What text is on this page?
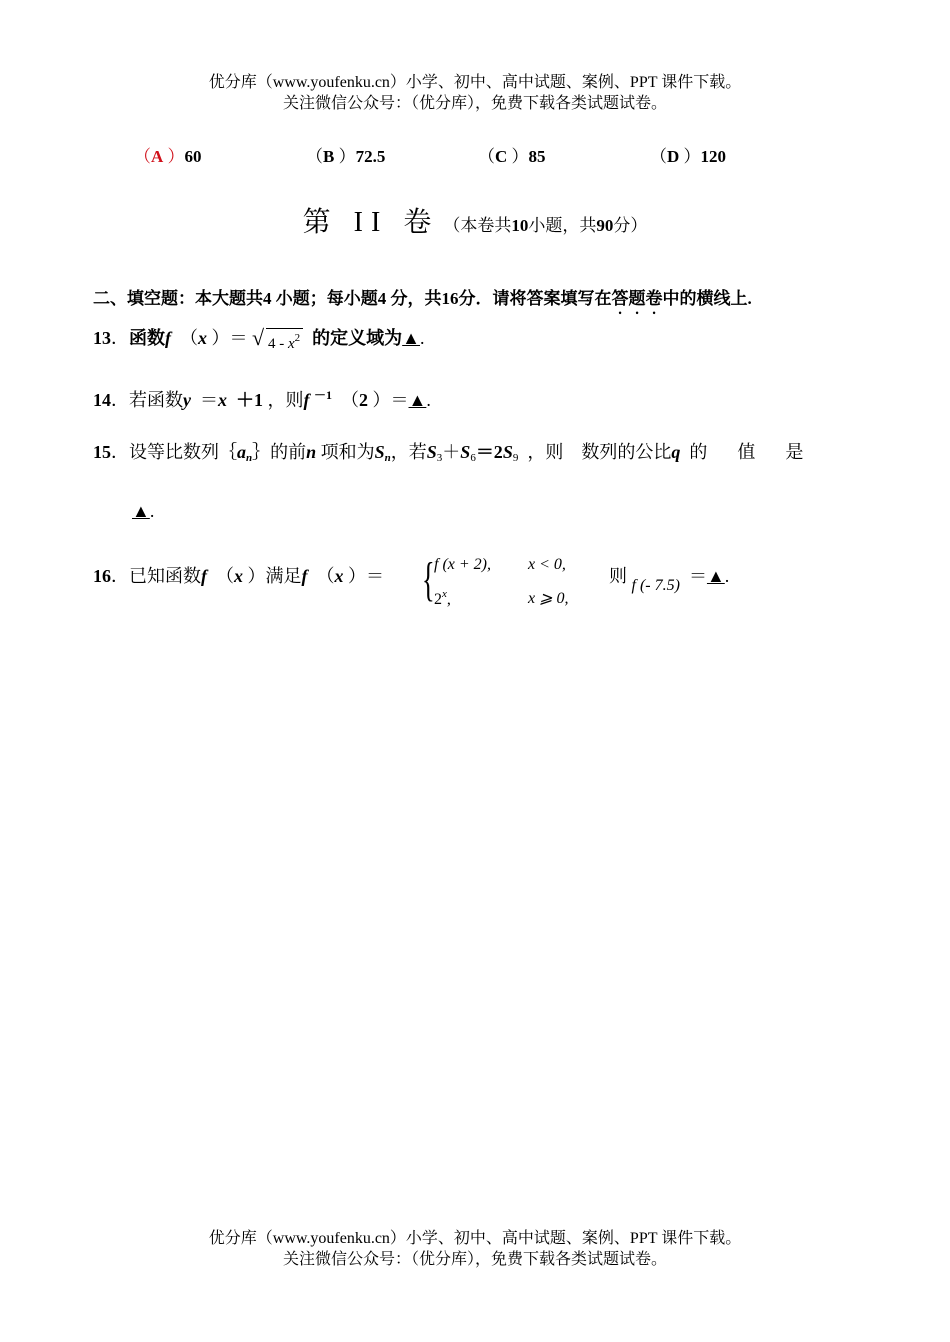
优分库（www.youfenku.cn）小学、初中、高中试题、案例、PPT 课件下载。
关注微信公众号：（优分库），免费下载各类试题试卷。
（A ）60	（B ）72.5	（C ）85	（D ）120
第 II 卷 （本卷共10小题，共90分）
二、填空题：本大题共4 小题；每小题4 分，共16分．请将答案填写在答题卷中的横线上.
13．函数f  （x ）＝ √ $4 - x^2$ 的定义域为▲.
14．若函数y ＝x ＋1 ，则f $^{-1}$  （2 ）＝▲.
15．设等比数列$\{a_n\}$的前n 项和为$S_n$，若$S_3+S_6=2S_9$ ，则　数列的公比q 的　值　是
▲.
16．已知函数f  （x ）满足f  （x ）＝ { f (x + 2), x < 0,
2$^x$,	x ⩾ 0,
则 f (- 7.5) ＝▲.
优分库（www.youfenku.cn）小学、初中、高中试题、案例、PPT 课件下载。
关注微信公众号：（优分库），免费下载各类试题试卷。
